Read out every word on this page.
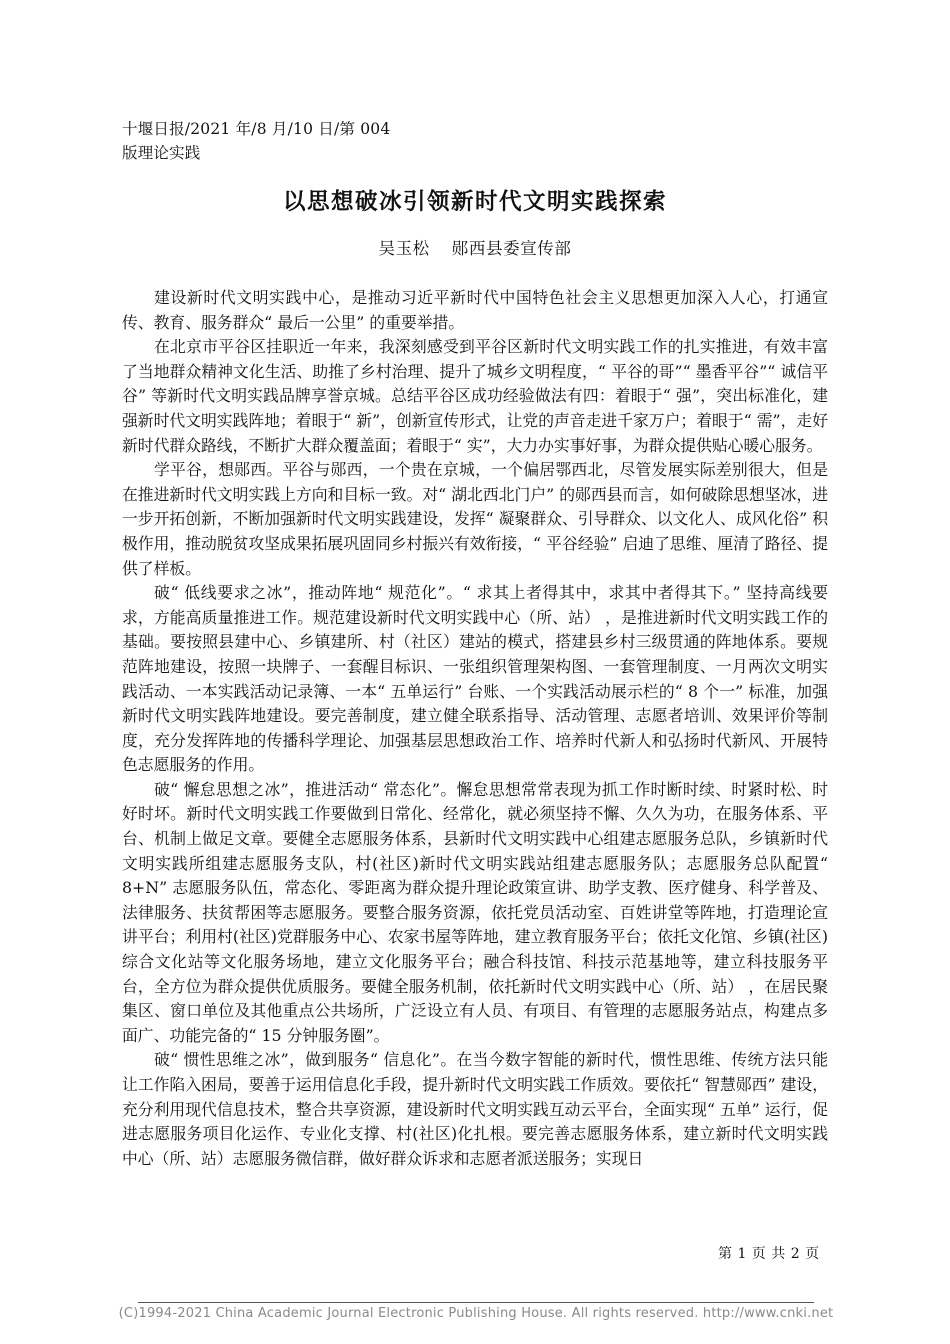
十堰日报/2021 年/8 月/10 日/第 004
版理论实践
以思想破冰引领新时代文明实践探索
吴玉松 郧西县委宣传部

建设新时代文明实践中心，是推动习近平新时代中国特色社会主义思想更加深入人心，打通宣传、教育、服务群众“ 最后一公里” 的重要举措。

在北京市平谷区挂职近一年来，我深刻感受到平谷区新时代文明实践工作的扎实推进，有效丰富了当地群众精神文化生活、助推了乡村治理、提升了城乡文明程度，“ 平谷的哥”“ 墨香平谷”“ 诚信平谷” 等新时代文明实践品牌享誉京城。总结平谷区成功经验做法有四：着眼于“ 强”，突出标准化，建强新时代文明实践阵地；着眼于“ 新”，创新宣传形式，让党的声音走进千家万户；着眼于“ 需”，走好新时代群众路线，不断扩大群众覆盖面；着眼于“ 实”，大力办实事好事，为群众提供贴心暖心服务。

学平谷，想郧西。平谷与郧西，一个贵在京城，一个偏居鄂西北，尽管发展实际差别很大，但是在推进新时代文明实践上方向和目标一致。对“ 湖北西北门户” 的郧西县而言，如何破除思想坚冰，进一步开拓创新，不断加强新时代文明实践建设，发挥“ 凝聚群众、引导群众、以文化人、成风化俗” 积极作用，推动脱贫攻坚成果拓展巩固同乡村振兴有效衔接，“ 平谷经验” 启迪了思维、厘清了路径、提供了样板。

破“ 低线要求之冰”，推动阵地“ 规范化”。“ 求其上者得其中，求其中者得其下。” 坚持高线要求，方能高质量推进工作。规范建设新时代文明实践中心（所、站） ，是推进新时代文明实践工作的基础。要按照县建中心、乡镇建所、村（社区）建站的模式，搭建县乡村三级贯通的阵地体系。要规范阵地建设，按照一块牌子、一套醒目标识、一张组织管理架构图、一套管理制度、一月两次文明实践活动、一本实践活动记录簿、一本“ 五单运行” 台账、一个实践活动展示栏的“ 8 个一” 标准，加强新时代文明实践阵地建设。要完善制度，建立健全联系指导、活动管理、志愿者培训、效果评价等制度，充分发挥阵地的传播科学理论、加强基层思想政治工作、培养时代新人和弘扬时代新风、开展特色志愿服务的作用。

破“ 懈怠思想之冰”，推进活动“ 常态化”。懈怠思想常常表现为抓工作时断时续、时紧时松、时好时坏。新时代文明实践工作要做到日常化、经常化，就必须坚持不懈、久久为功，在服务体系、平台、机制上做足文章。要健全志愿服务体系，县新时代文明实践中心组建志愿服务总队，乡镇新时代文明实践所组建志愿服务支队，村(社区)新时代文明实践站组建志愿服务队；志愿服务总队配置“ 8+N” 志愿服务队伍，常态化、零距离为群众提升理论政策宣讲、助学支教、医疗健身、科学普及、法律服务、扶贫帮困等志愿服务。要整合服务资源，依托党员活动室、百姓讲堂等阵地，打造理论宣讲平台；利用村(社区)党群服务中心、农家书屋等阵地，建立教育服务平台；依托文化馆、乡镇(社区)综合文化站等文化服务场地，建立文化服务平台；融合科技馆、科技示范基地等，建立科技服务平台，全方位为群众提供优质服务。要健全服务机制，依托新时代文明实践中心（所、站） ，在居民聚集区、窗口单位及其他重点公共场所，广泛设立有人员、有项目、有管理的志愿服务站点，构建点多面广、功能完备的“ 15 分钟服务圈”。

破“ 惯性思维之冰”，做到服务“ 信息化”。在当今数字智能的新时代，惯性思维、传统方法只能让工作陷入困局，要善于运用信息化手段，提升新时代文明实践工作质效。要依托“ 智慧郧西” 建设，充分利用现代信息技术，整合共享资源，建设新时代文明实践互动云平台，全面实现“ 五单” 运行，促进志愿服务项目化运作、专业化支撑、村(社区)化扎根。要完善志愿服务体系，建立新时代文明实践中心（所、站）志愿服务微信群，做好群众诉求和志愿者派送服务；实现日

第 1 页 共 2 页
(C)1994-2021 China Academic Journal Electronic Publishing House. All rights reserved. http://www.cnki.net
